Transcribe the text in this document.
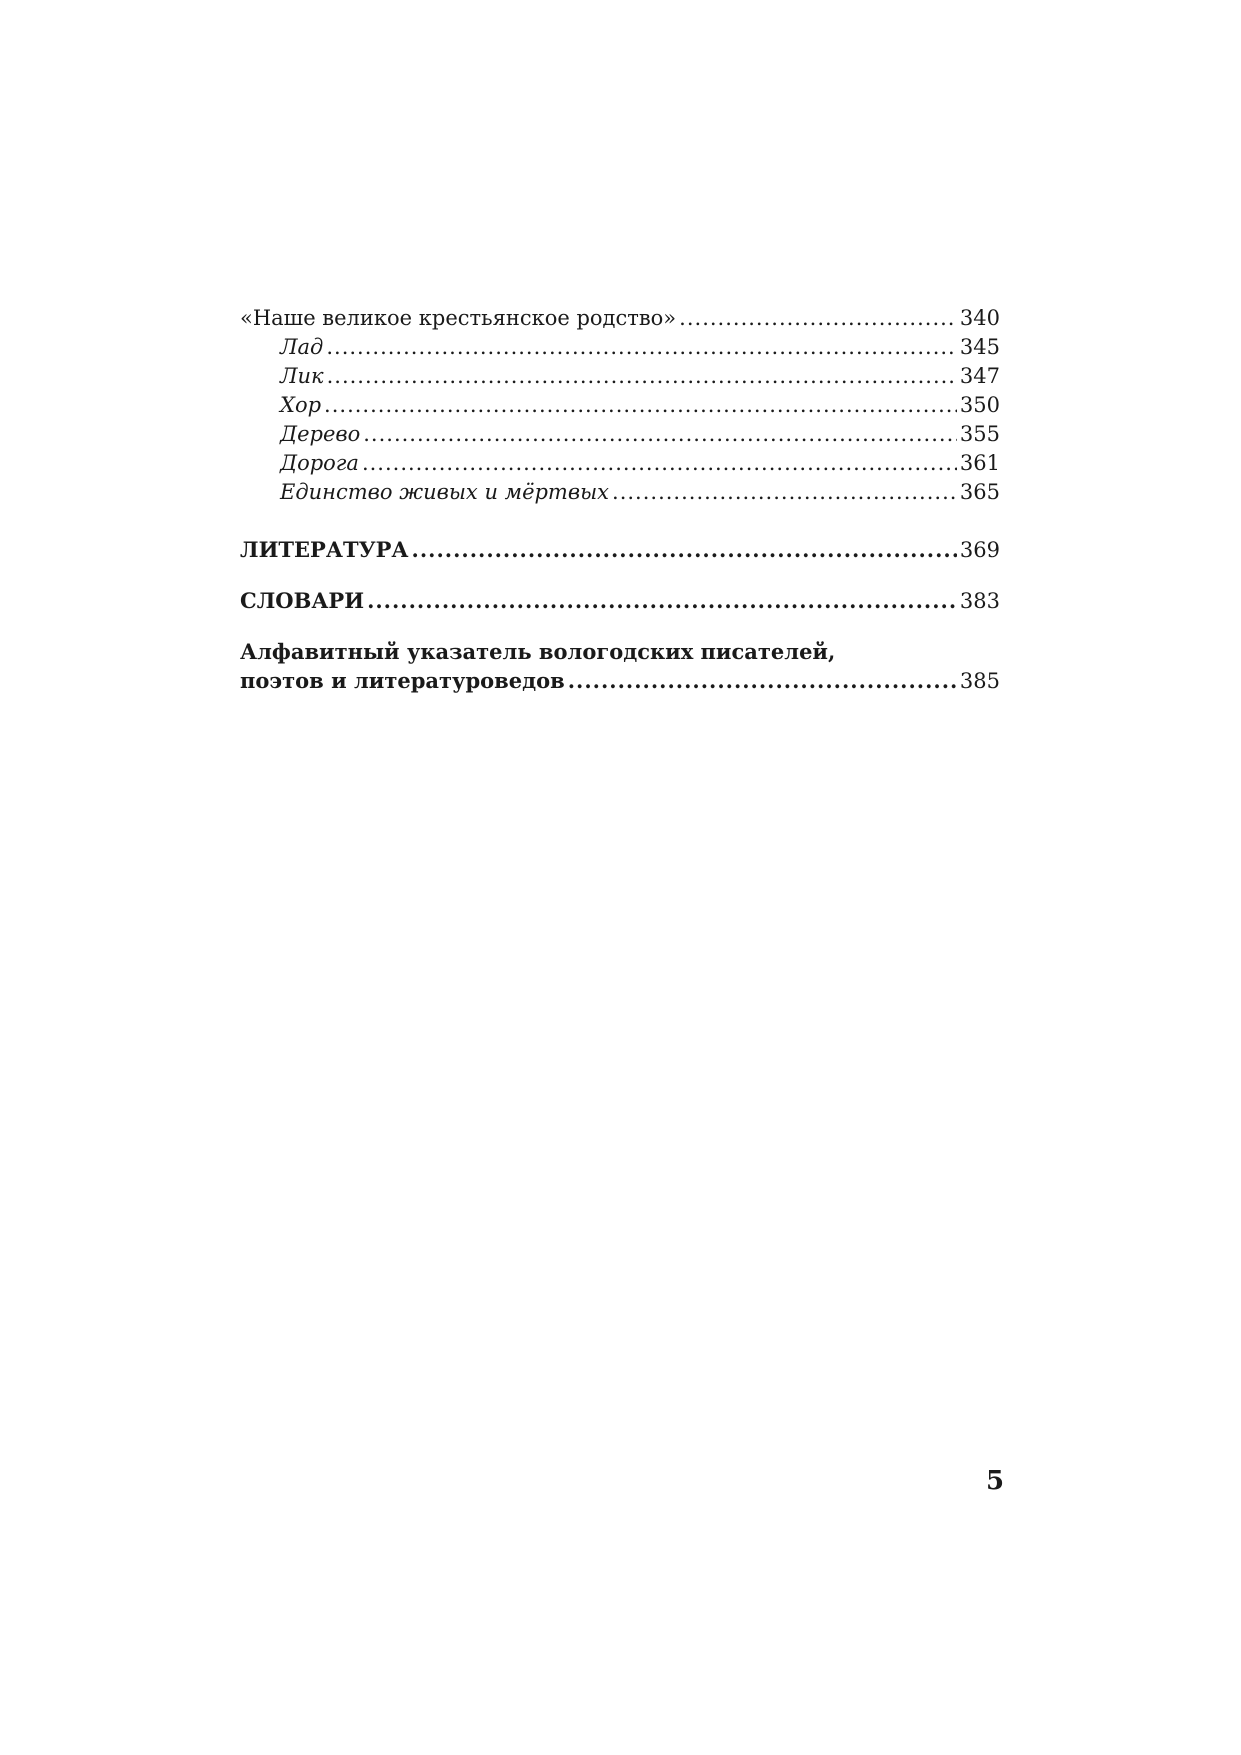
«Наше великое крестьянское родство» .....	340
Лад .....	345
Лик .....	347
Хор .....	350
Дерево .....	355
Дорога .....	361
Единство живых и мёртвых .....	365
ЛИТЕРАТУРА .....	369
СЛОВАРИ .....	383
Алфавитный указатель вологодских писателей,
поэтов и литературоведов .....	385
5
